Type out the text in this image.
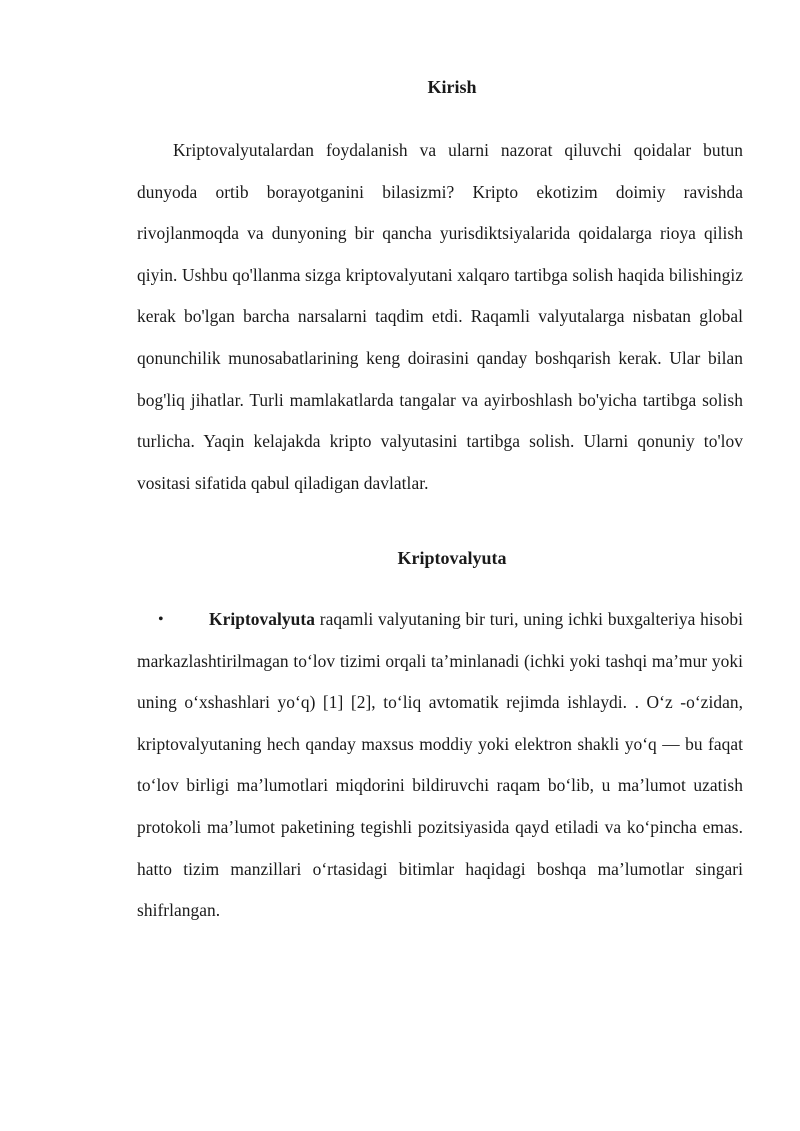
Kirish

Kriptovalyutalardan foydalanish va ularni nazorat qiluvchi qoidalar butun dunyoda ortib borayotganini bilasizmi? Kripto ekotizim doimiy ravishda rivojlanmoqda va dunyoning bir qancha yurisdiktsiyalarida qoidalarga rioya qilish qiyin. Ushbu qo'llanma sizga kriptovalyutani xalqaro tartibga solish haqida bilishingiz kerak bo'lgan barcha narsalarni taqdim etdi. Raqamli valyutalarga nisbatan global qonunchilik munosabatlarining keng doirasini qanday boshqarish kerak. Ular bilan bog'liq jihatlar. Turli mamlakatlarda tangalar va ayirboshlash bo'yicha tartibga solish turlicha. Yaqin kelajakda kripto valyutasini tartibga solish. Ularni qonuniy to'lov vositasi sifatida qabul qiladigan davlatlar.

Kriptovalyuta
•	Kriptovalyuta raqamli valyutaning bir turi, uning ichki buxgalteriya hisobi markazlashtirilmagan to‘lov tizimi orqali ta’minlanadi (ichki yoki tashqi ma’mur yoki uning o‘xshashlari yo‘q) [1] [2], to‘liq avtomatik rejimda ishlaydi. . O‘z -o‘zidan, kriptovalyutaning hech qanday maxsus moddiy yoki elektron shakli yo‘q — bu faqat to‘lov birligi ma’lumotlari miqdorini bildiruvchi raqam bo‘lib, u ma’lumot uzatish protokoli ma’lumot paketining tegishli pozitsiyasida qayd etiladi va ko‘pincha emas. hatto tizim manzillari o‘rtasidagi bitimlar haqidagi boshqa ma’lumotlar singari shifrlangan.
